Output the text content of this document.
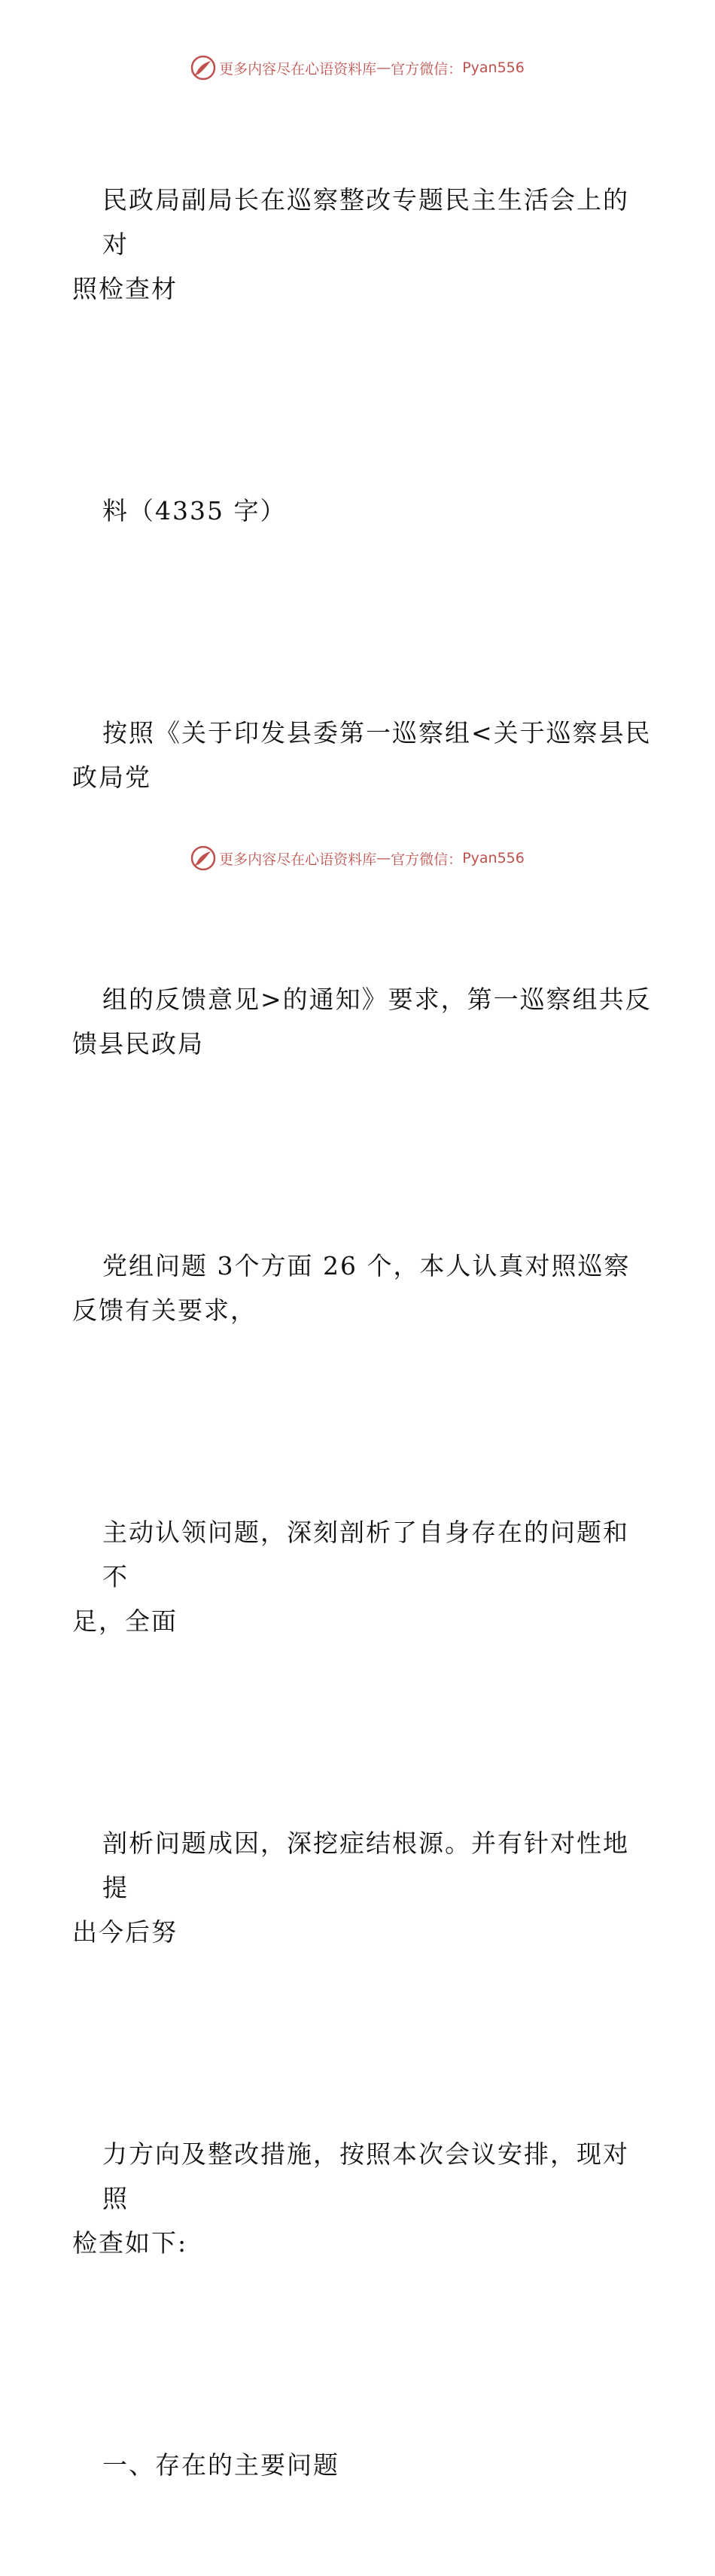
更多内容尽在心语资料库 — 官方微信： Pyan556

民政局副局长在巡察整改专题民主生活会上的对
照检查材

料（4335 字）

按照《关于印发县委第一巡察组<关于巡察县民
政局党

组的反馈意见>的通知》要求，第一巡察组共反
馈县民政局

党组问题 3个方面 26 个，本人认真对照巡察
反馈有关要求，

主动认领问题，深刻剖析了自身存在的问题和不
足，全面

剖析问题成因，深挖症结根源。并有针对性地提
出今后努

力方向及整改措施，按照本次会议安排，现对照
检查如下:

一、存在的主要问题

更多内容尽在心语资料库 — 官方微信： Pyan556
